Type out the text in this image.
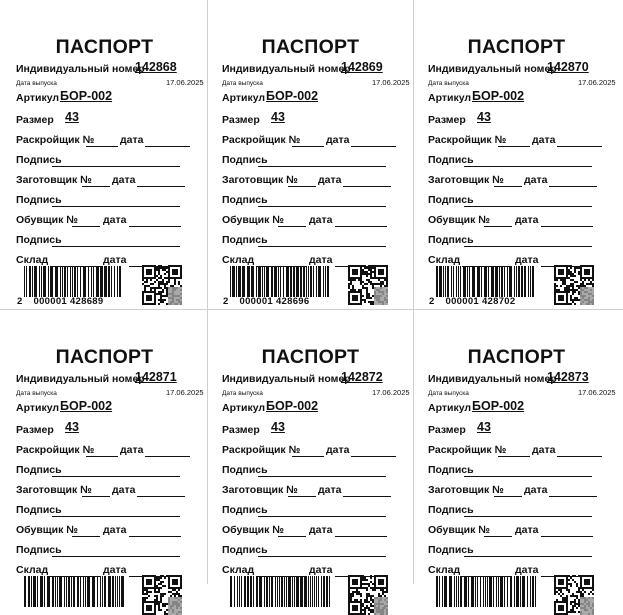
ПАСПОРТ
Индивидуальный номер
142868
Дата выпуска	17.06.2025
Артикул БОР-002
Размер 43
Раскройщик № дата
Подпись
Заготовщик № дата
Подпись
Обувщик № дата
Подпись
Склад	дата
2 000001 428689
ПАСПОРТ
Индивидуальный номер
142869
Дата выпуска	17.06.2025
Артикул БОР-002
Размер 43
Раскройщик № дата
Подпись
Заготовщик № дата
Подпись
Обувщик № дата
Подпись
Склад	дата
2 000001 428696
ПАСПОРТ
Индивидуальный номер
142870
Дата выпуска	17.06.2025
Артикул БОР-002
Размер 43
Раскройщик № дата
Подпись
Заготовщик № дата
Подпись
Обувщик № дата
Подпись
Склад	дата
2 000001 428702
ПАСПОРТ
Индивидуальный номер
142871
Дата выпуска	17.06.2025
Артикул БОР-002
Размер 43
Раскройщик № дата
Подпись
Заготовщик № дата
Подпись
Обувщик № дата
Подпись
Склад	дата
ПАСПОРТ
Индивидуальный номер
142872
Дата выпуска	17.06.2025
Артикул БОР-002
Размер 43
Раскройщик № дата
Подпись
Заготовщик № дата
Подпись
Обувщик № дата
Подпись
Склад	дата
ПАСПОРТ
Индивидуальный номер
142873
Дата выпуска	17.06.2025
Артикул БОР-002
Размер 43
Раскройщик № дата
Подпись
Заготовщик № дата
Подпись
Обувщик № дата
Подпись
Склад	дата
